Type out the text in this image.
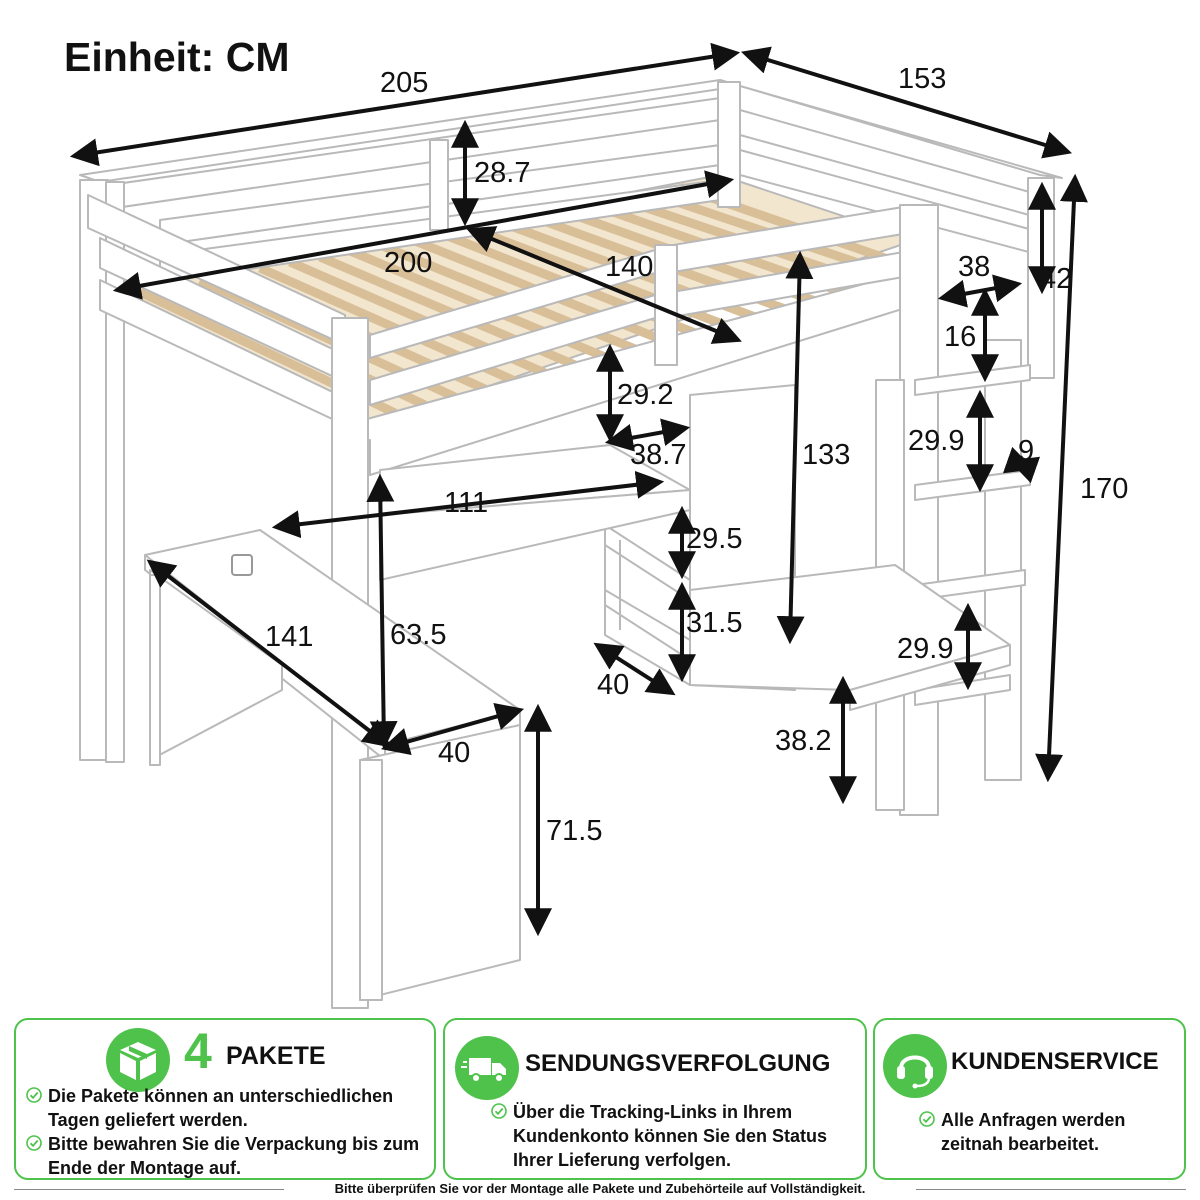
Einheit: CM
205	153
28.7
200	140	38 42
16
29.2
38.7	133 29.9 9
170
111
29.5
141	63.5	31.5
29.9
40
40	38.2
71.5
4 PAKETE
Die Pakete können an unterschiedlichen Tagen geliefert werden.
Bitte bewahren Sie die Verpackung bis zum Ende der Montage auf.
SENDUNGSVERFOLGUNG
Über die Tracking-Links in Ihrem Kundenkonto können Sie den Status Ihrer Lieferung verfolgen.
KUNDENSERVICE
Alle Anfragen werden zeitnah bearbeitet.
Bitte überprüfen Sie vor der Montage alle Pakete und Zubehörteile auf Vollständigkeit.
